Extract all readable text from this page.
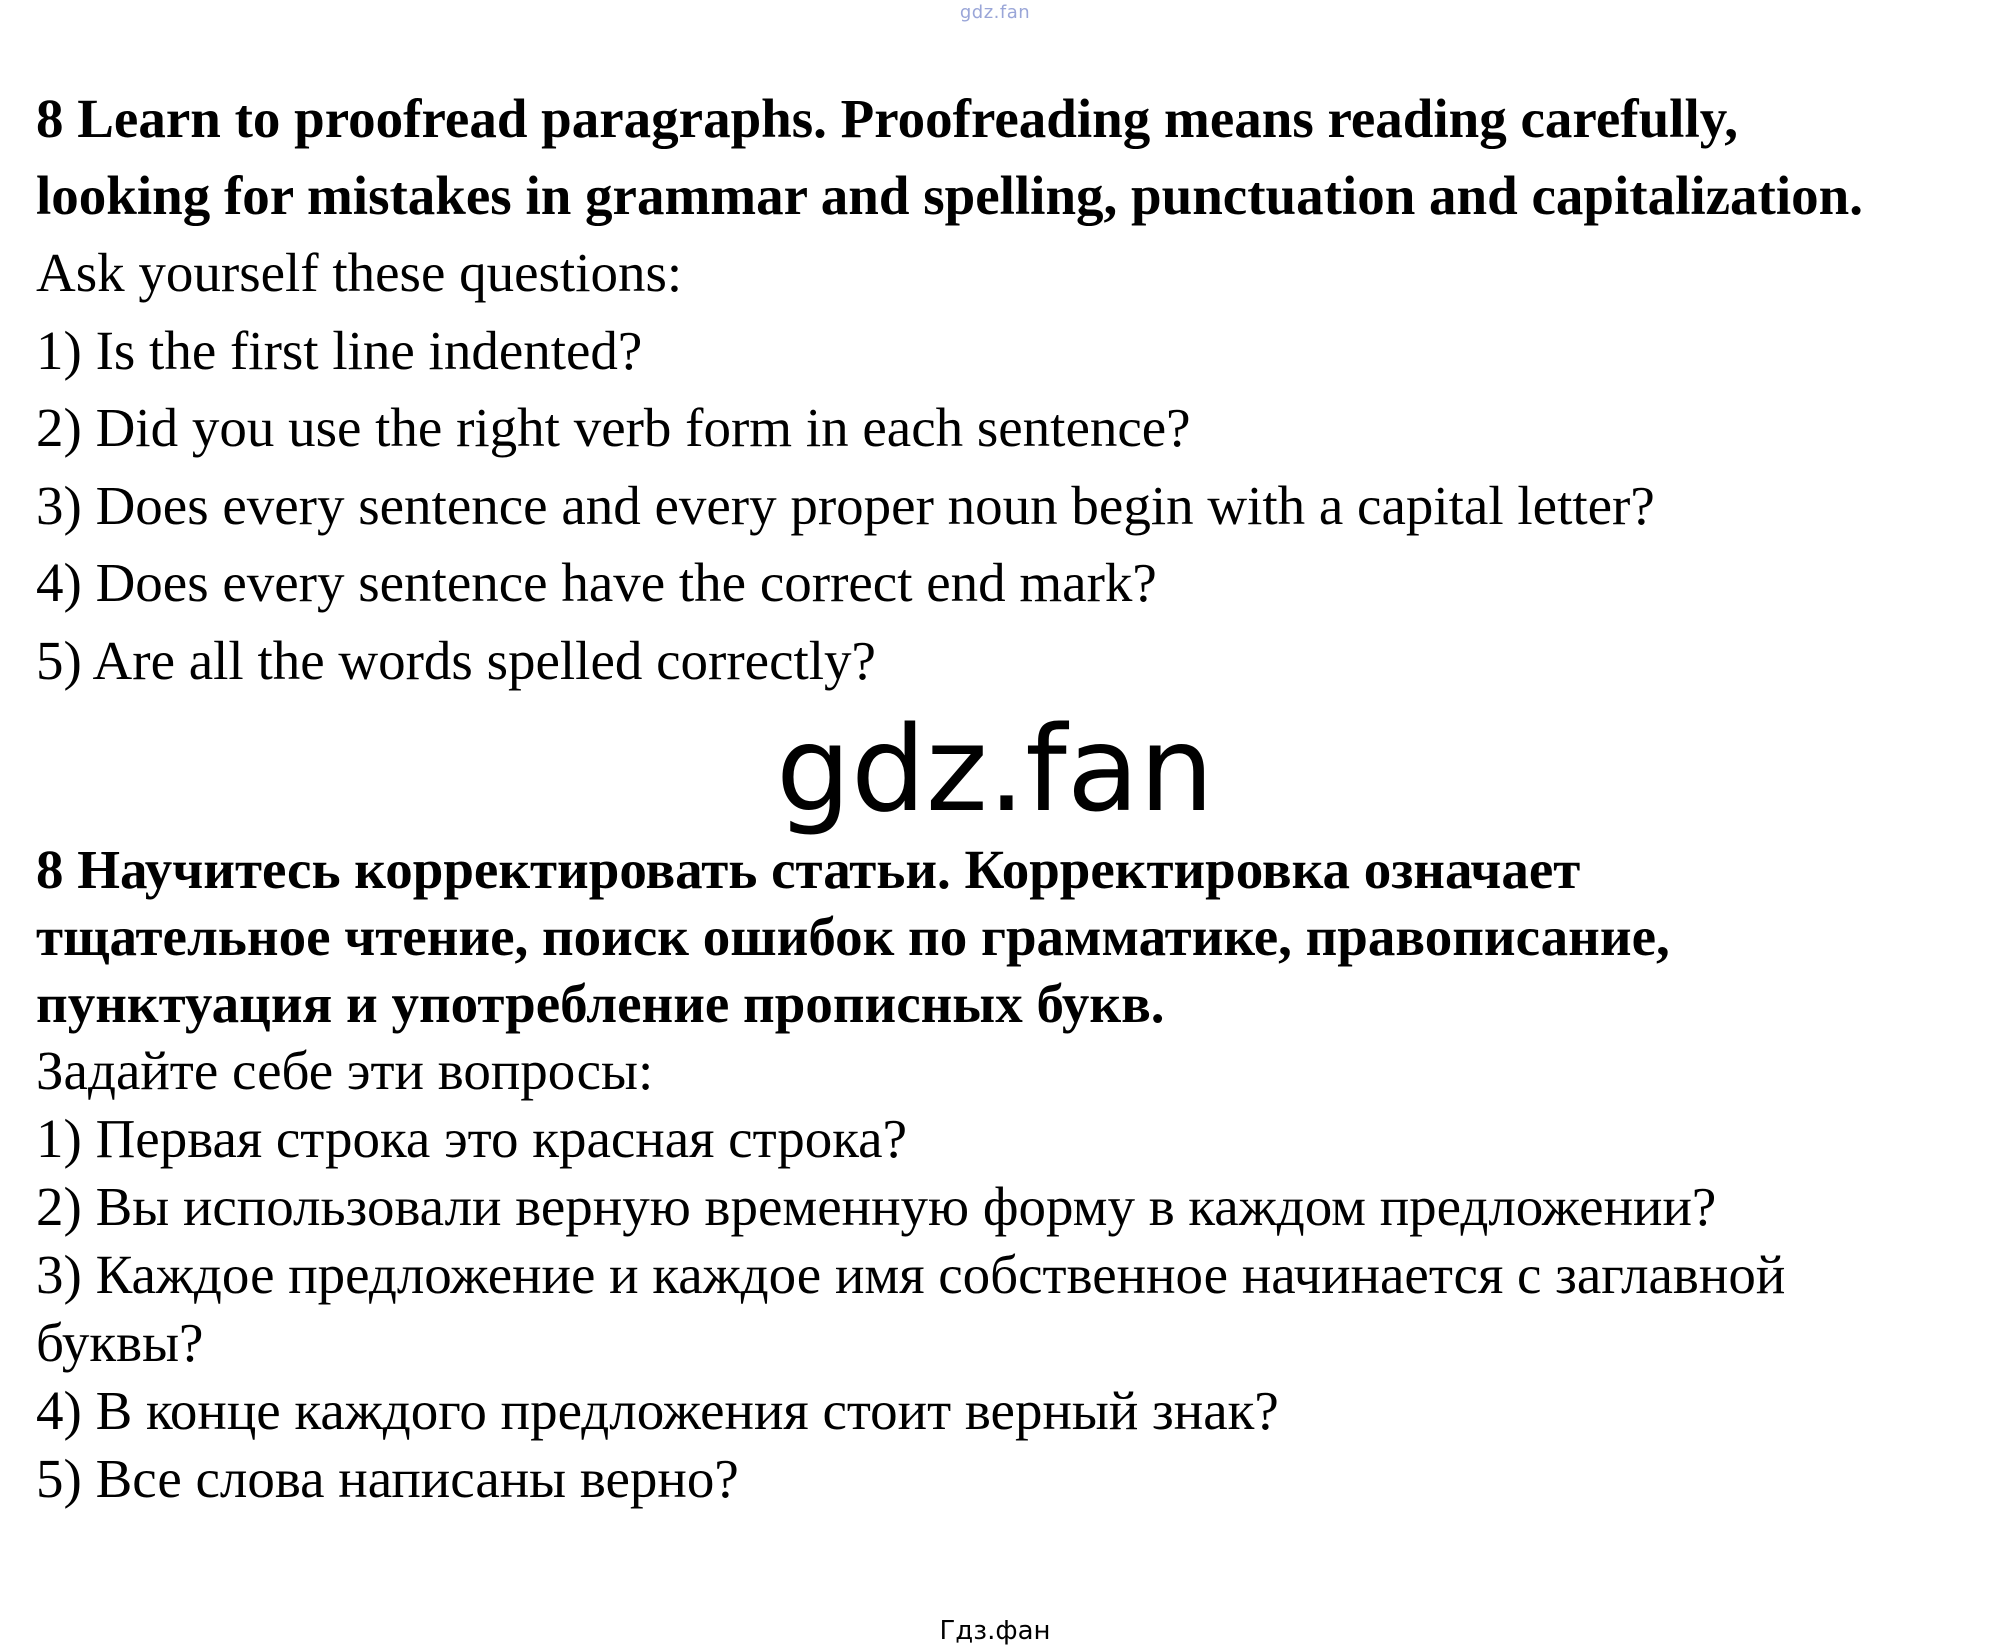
gdz.fan

8 Learn to proofread paragraphs. Proofreading means reading carefully,

looking for mistakes in grammar and spelling, punctuation and capitalization.

Ask yourself these questions:

1) Is the first line indented?

2) Did you use the right verb form in each sentence?

3) Does every sentence and every proper noun begin with a capital letter?

4) Does every sentence have the correct end mark?

5) Are all the words spelled correctly?

gdz.fan

8 Научитесь корректировать статьи. Корректировка означает

тщательное чтение, поиск ошибок по грамматике, правописание,

пунктуация и употребление прописных букв.

Задайте себе эти вопросы:

1) Первая строка это красная строка?

2) Вы использовали верную временную форму в каждом предложении?

3) Каждое предложение и каждое имя собственное начинается с заглавной

буквы?

4) В конце каждого предложения стоит верный знак?

5) Все слова написаны верно?

Гдз.фан
